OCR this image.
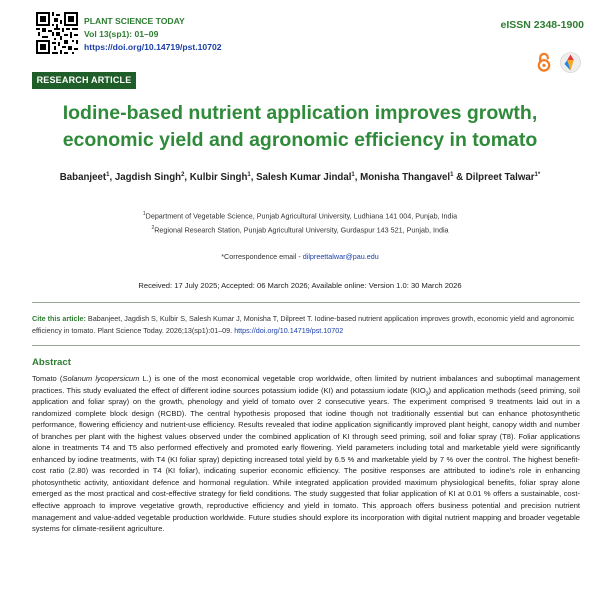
PLANT SCIENCE TODAY
Vol 13(sp1): 01–09
https://doi.org/10.14719/pst.10702
eISSN 2348-1900
RESEARCH ARTICLE
Iodine-based nutrient application improves growth, economic yield and agronomic efficiency in tomato

Babanjeet$^1$, Jagdish Singh$^2$, Kulbir Singh$^1$, Salesh Kumar Jindal$^1$, Monisha Thangavel$^1$ & Dilpreet Talwar$^{1*}$

$^1$Department of Vegetable Science, Punjab Agricultural University, Ludhiana 141 004, Punjab, India
$^2$Regional Research Station, Punjab Agricultural University, Gurdaspur 143 521, Punjab, India
*Correspondence email - dilpreettalwar@pau.edu
Received: 17 July 2025; Accepted: 06 March 2026; Available online: Version 1.0: 30 March 2026
Cite this article: Babanjeet, Jagdish S, Kulbir S, Salesh Kumar J, Monisha T, Dilpreet T. Iodine-based nutrient application improves growth, economic yield and agronomic efficiency in tomato. Plant Science Today. 2026;13(sp1):01–09. https://doi.org/10.14719/pst.10702
Abstract

Tomato (Solanum lycopersicum L.) is one of the most economical vegetable crop worldwide, often limited by nutrient imbalances and suboptimal management practices. This study evaluated the effect of different iodine sources potassium iodide (KI) and potassium iodate $(KIO_3)$ and application methods (seed priming, soil application and foliar spray) on the growth, phenology and yield of tomato over 2 consecutive years. The experiment comprised 9 treatments laid out in a randomized complete block design (RCBD). The central hypothesis proposed that iodine though not traditionally essential but can enhance photosynthetic performance, flowering efficiency and nutrient-use efficiency. Results revealed that iodine application significantly improved plant height, canopy width and number of branches per plant with the highest values observed under the combined application of KI through seed priming, soil and foliar spray (T8). Foliar applications alone in treatments T4 and T5 also performed effectively and promoted early flowering. Yield parameters including total and marketable yield were significantly enhanced by iodine treatments, with T4 (KI foliar spray) depicting increased total yield by 6.5 % and marketable yield by 7 % over the control. The highest benefit-cost ratio (2.80) was recorded in T4 (KI foliar), indicating superior economic efficiency. The positive responses are attributed to iodine's role in enhancing photosynthetic activity, antioxidant defence and hormonal regulation. While integrated application provided maximum physiological benefits, foliar spray alone emerged as the most practical and cost-effective strategy for field conditions. The study suggested that foliar application of KI at 0.01 % offers a sustainable, cost-effective approach to improve vegetative growth, reproductive efficiency and yield in tomato. This approach offers business potential and precision nutrient management and value-added vegetable production worldwide. Future studies should explore its incorporation with digital nutrient mapping and broader vegetable systems for climate-resilient agriculture.
